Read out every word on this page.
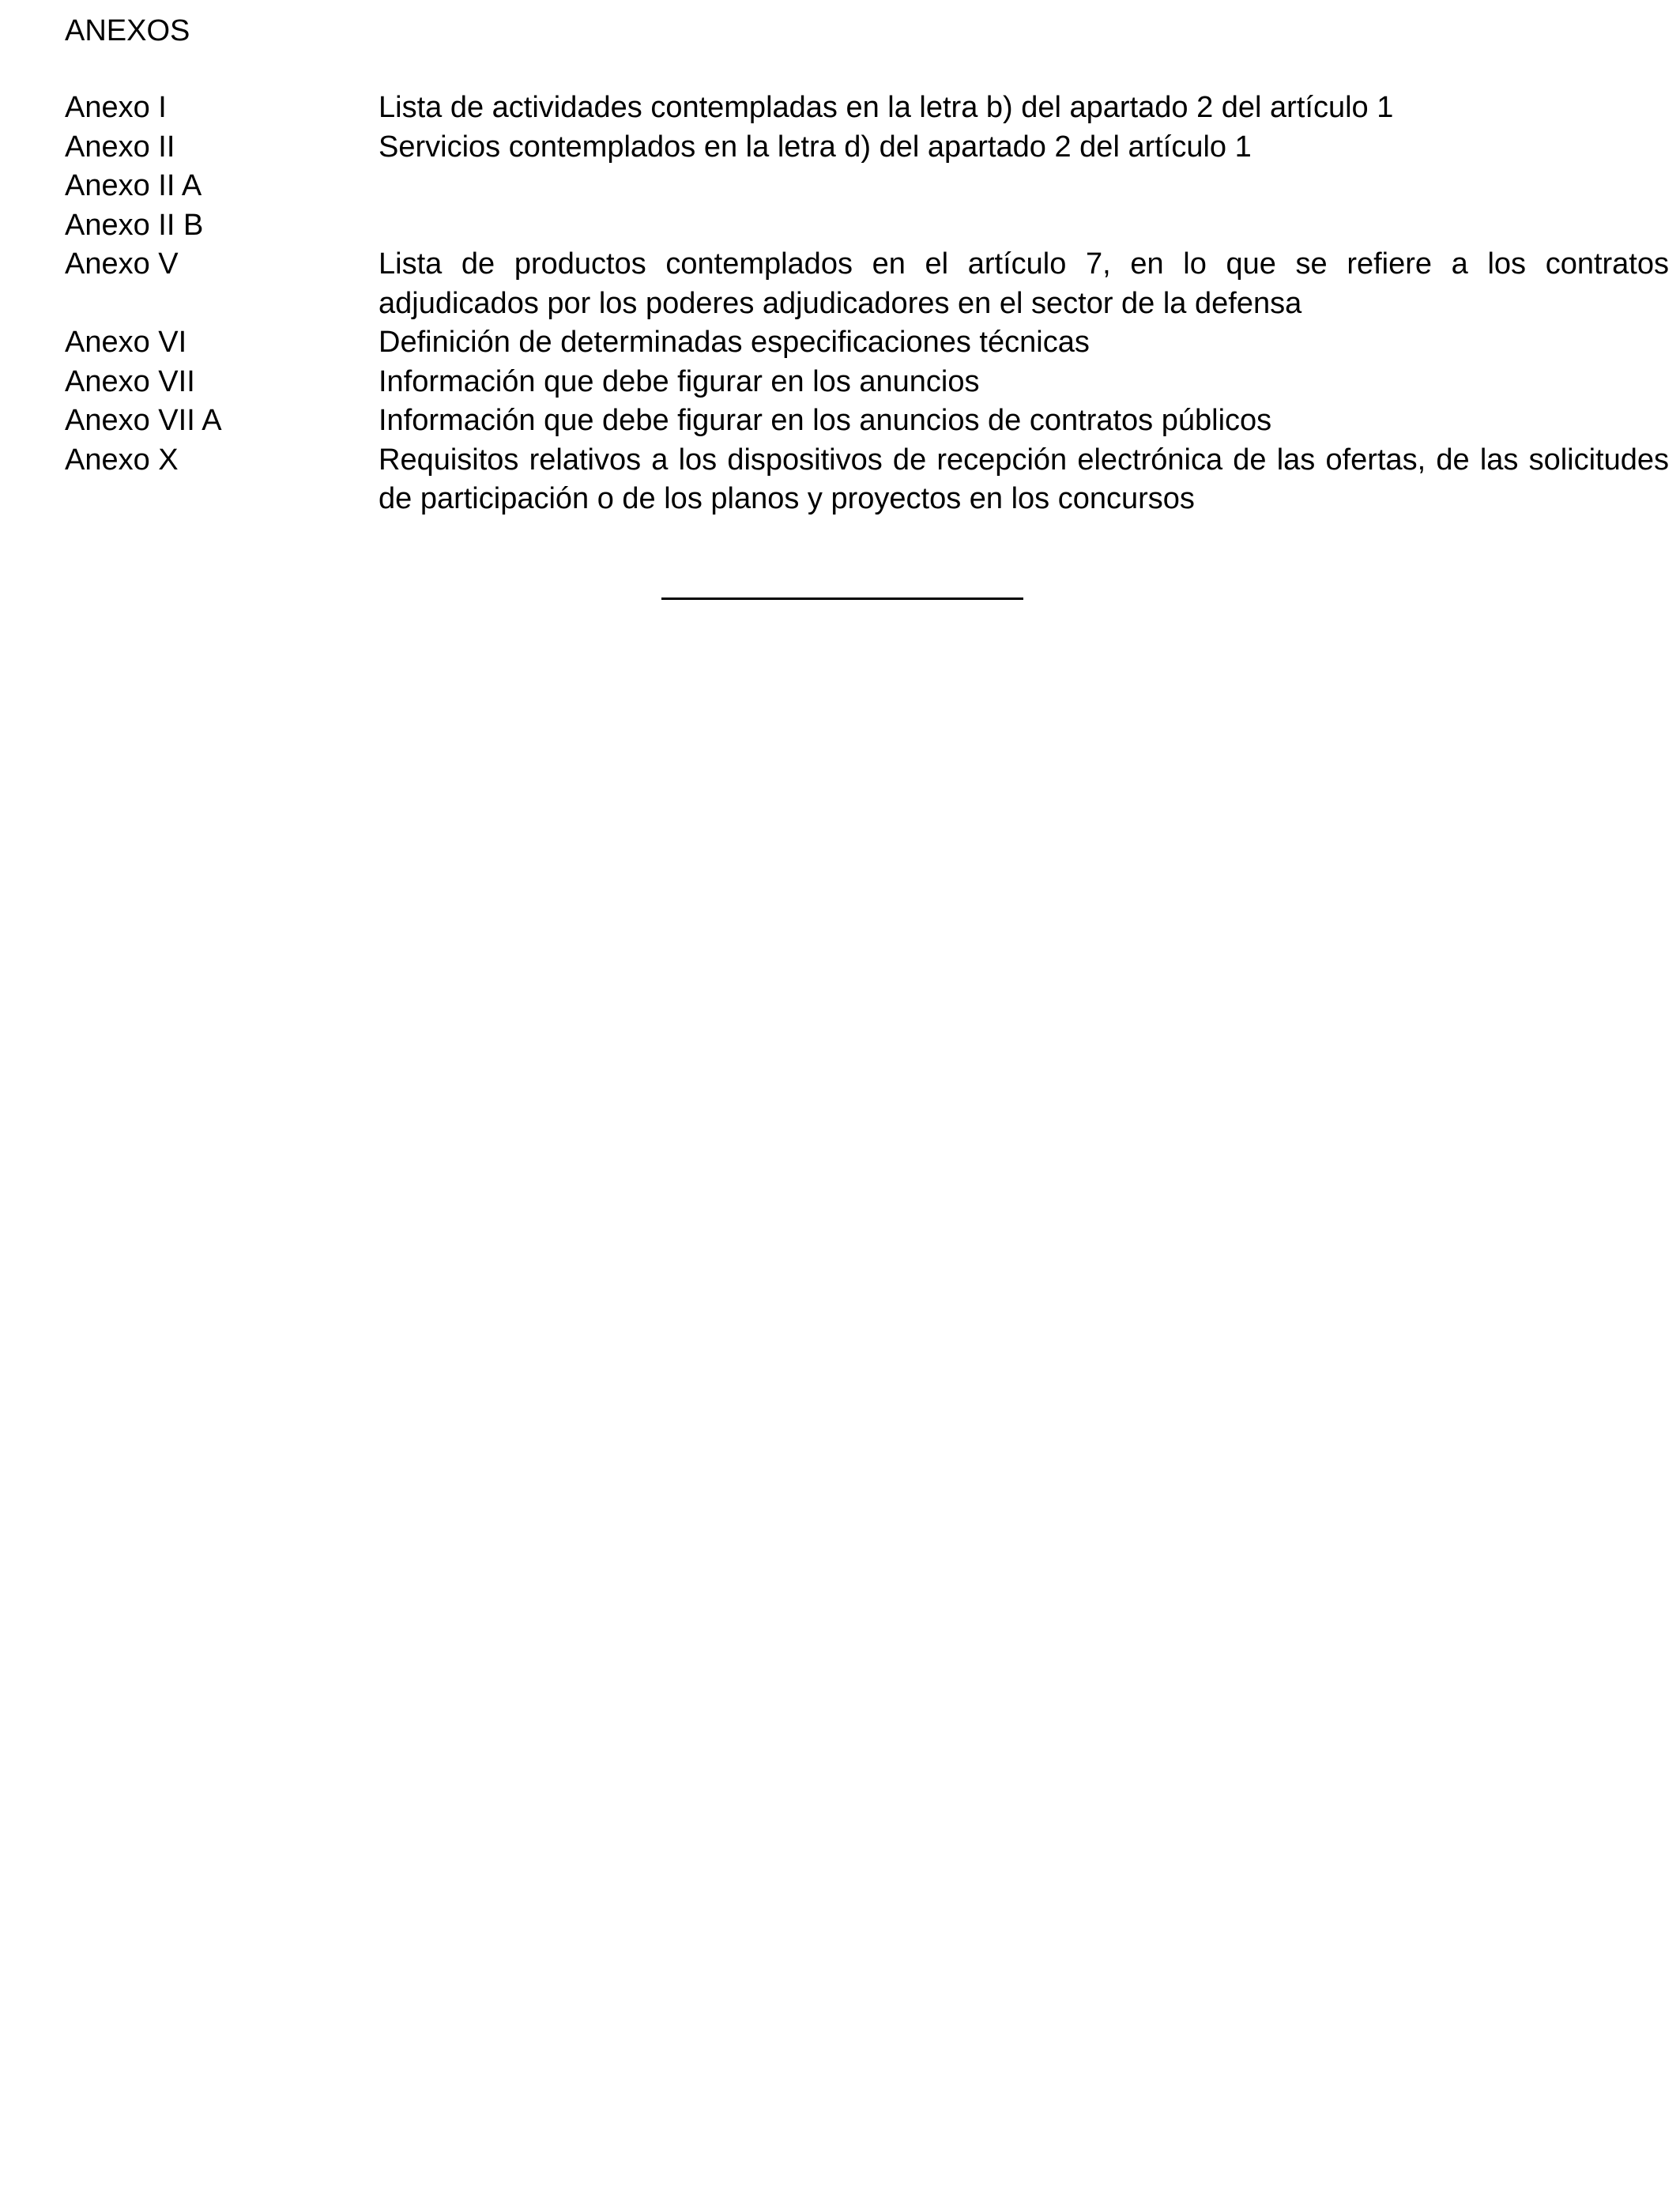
ANEXOS
Anexo I	Lista de actividades contempladas en la letra b) del apartado 2 del artículo 1
Anexo II	Servicios contemplados en la letra d) del apartado 2 del artículo 1
Anexo II A	
Anexo II B	
Anexo V	Lista de productos contemplados en el artículo 7, en lo que se refiere a los contratos adjudicados por los poderes adjudicadores en el sector de la defensa
Anexo VI	Definición de determinadas especificaciones técnicas
Anexo VII	Información que debe figurar en los anuncios
Anexo VII A	Información que debe figurar en los anuncios de contratos públicos
Anexo X	Requisitos relativos a los dispositivos de recepción electrónica de las ofertas, de las solicitudes de participación o de los planos y proyectos en los concursos
